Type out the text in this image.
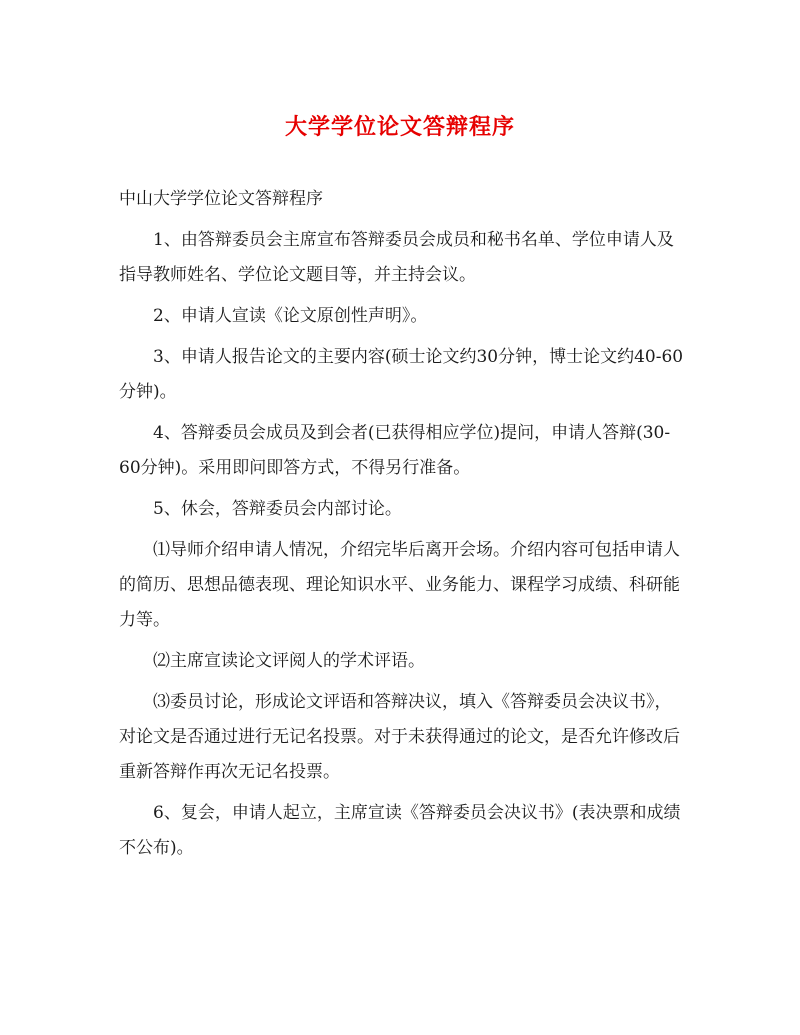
大学学位论文答辩程序

中山大学学位论文答辩程序

1、由答辩委员会主席宣布答辩委员会成员和秘书名单、学位申请人及指导教师姓名、学位论文题目等，并主持会议。

2、申请人宣读《论文原创性声明》。

3、申请人报告论文的主要内容(硕士论文约30分钟，博士论文约40-60分钟)。

4、答辩委员会成员及到会者(已获得相应学位)提问，申请人答辩(30-60分钟)。采用即问即答方式，不得另行准备。

5、休会，答辩委员会内部讨论。

⑴导师介绍申请人情况，介绍完毕后离开会场。介绍内容可包括申请人的简历、思想品德表现、理论知识水平、业务能力、课程学习成绩、科研能力等。

⑵主席宣读论文评阅人的学术评语。

⑶委员讨论，形成论文评语和答辩决议，填入《答辩委员会决议书》，对论文是否通过进行无记名投票。对于未获得通过的论文，是否允许修改后重新答辩作再次无记名投票。

6、复会，申请人起立，主席宣读《答辩委员会决议书》(表决票和成绩不公布)。
